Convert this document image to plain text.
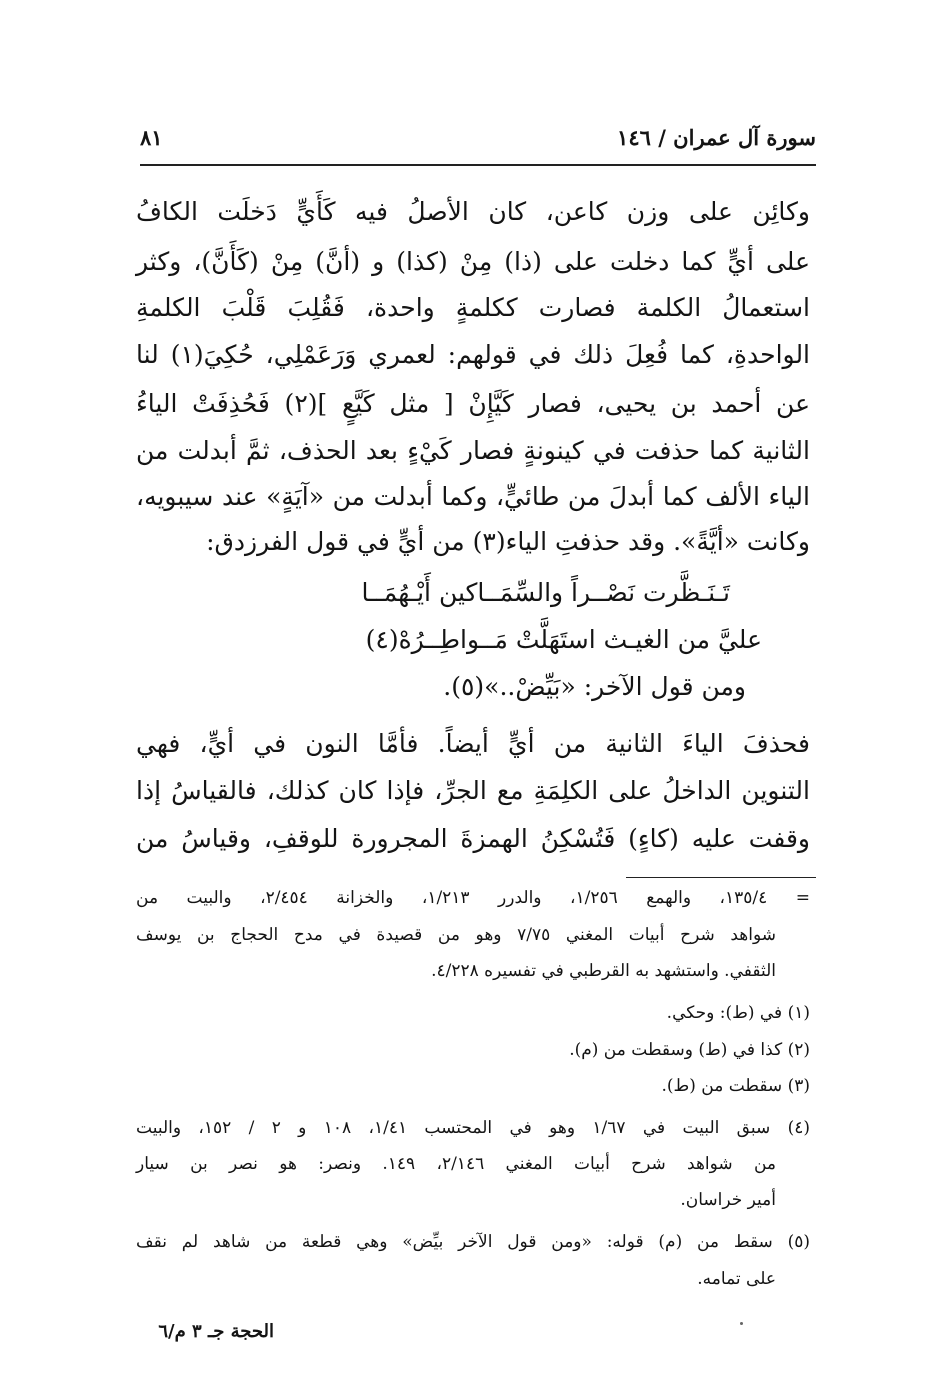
سورة آل عمران / ١٤٦
٨١
وكائِن على وزن كاعن، كان الأصلُ فيه كَأَيٍّ دَخلَت الكافُ
على أيٍّ كما دخلت على (ذا) مِنْ (كذا) و (أنَّ) مِنْ (كَأَنَّ)، وكثر
استعمالُ الكلمة فصارت ككلمةٍ واحدة، فَقُلِبَ قَلْبَ الكلمةِ
الواحدةِ، كما فُعِلَ ذلك في قولهم: لعمري وَرَعَمْلِي، حُكِيَ(١) لنا
عن أحمد بن يحيى، فصار كَيَّإِنْ [ مثل كَيَّعٍ ](٢) فَحُذِفَتْ الياءُ
الثانية كما حذفت في كينونةٍ فصار كَيْءٍ بعد الحذف، ثمَّ أبدلت من
الياء الألف كما أبدلَ من طائيٍّ، وكما أبدلت من «آيَةٍ» عند سيبويه،
وكانت «أيَّةً». وقد حذفتِ الياء(٣) من أيٍّ في قول الفرزدق:
تَـنَـظَّرت نَصْــراً والسِّمَــاكين أَيْـهُمَــا
عليَّ من الغيـث استَهَلَّتْ مَــواطِــرُهْ(٤)
ومن قول الآخر: «بَيِّضْ..»(٥).
فحذفَ الياءَ الثانية من أيٍّ أيضاً. فأمَّا النون في أيٍّ، فهي
التنوين الداخلُ على الكلِمَةِ مع الجرِّ، فإذا كان كذلك، فالقياسُ إذا
وقفت عليه (كاءٍ) فَتُسْكِنُ الهمزةَ المجرورة للوقفِ، وقياسُ من
= ١٣٥/٤، والهمع ١/٢٥٦، والدرر ١/٢١٣، والخزانة ٢/٤٥٤، والبيت من
شواهد شرح أبيات المغني ٧/٧٥ وهو من قصيدة في مدح الحجاج بن يوسف
الثقفي. واستشهد به القرطبي في تفسيره ٤/٢٢٨.
(١) في (ط): وحكي.
(٢) كذا في (ط) وسقطت من (م).
(٣) سقطت من (ط).
(٤) سبق البيت في ١/٦٧ وهو في المحتسب ١/٤١، ١٠٨ و ٢ / ١٥٢، والبيت
من شواهد شرح أبيات المغني ٢/١٤٦، ١٤٩. ونصر: هو نصر بن سيار
أمير خراسان.
(٥) سقط من (م) قوله: «ومن قول الآخر بيِّض» وهي قطعة من شاهد لم نقف
على تمامه.
الحجة جـ ٣ م/٦
